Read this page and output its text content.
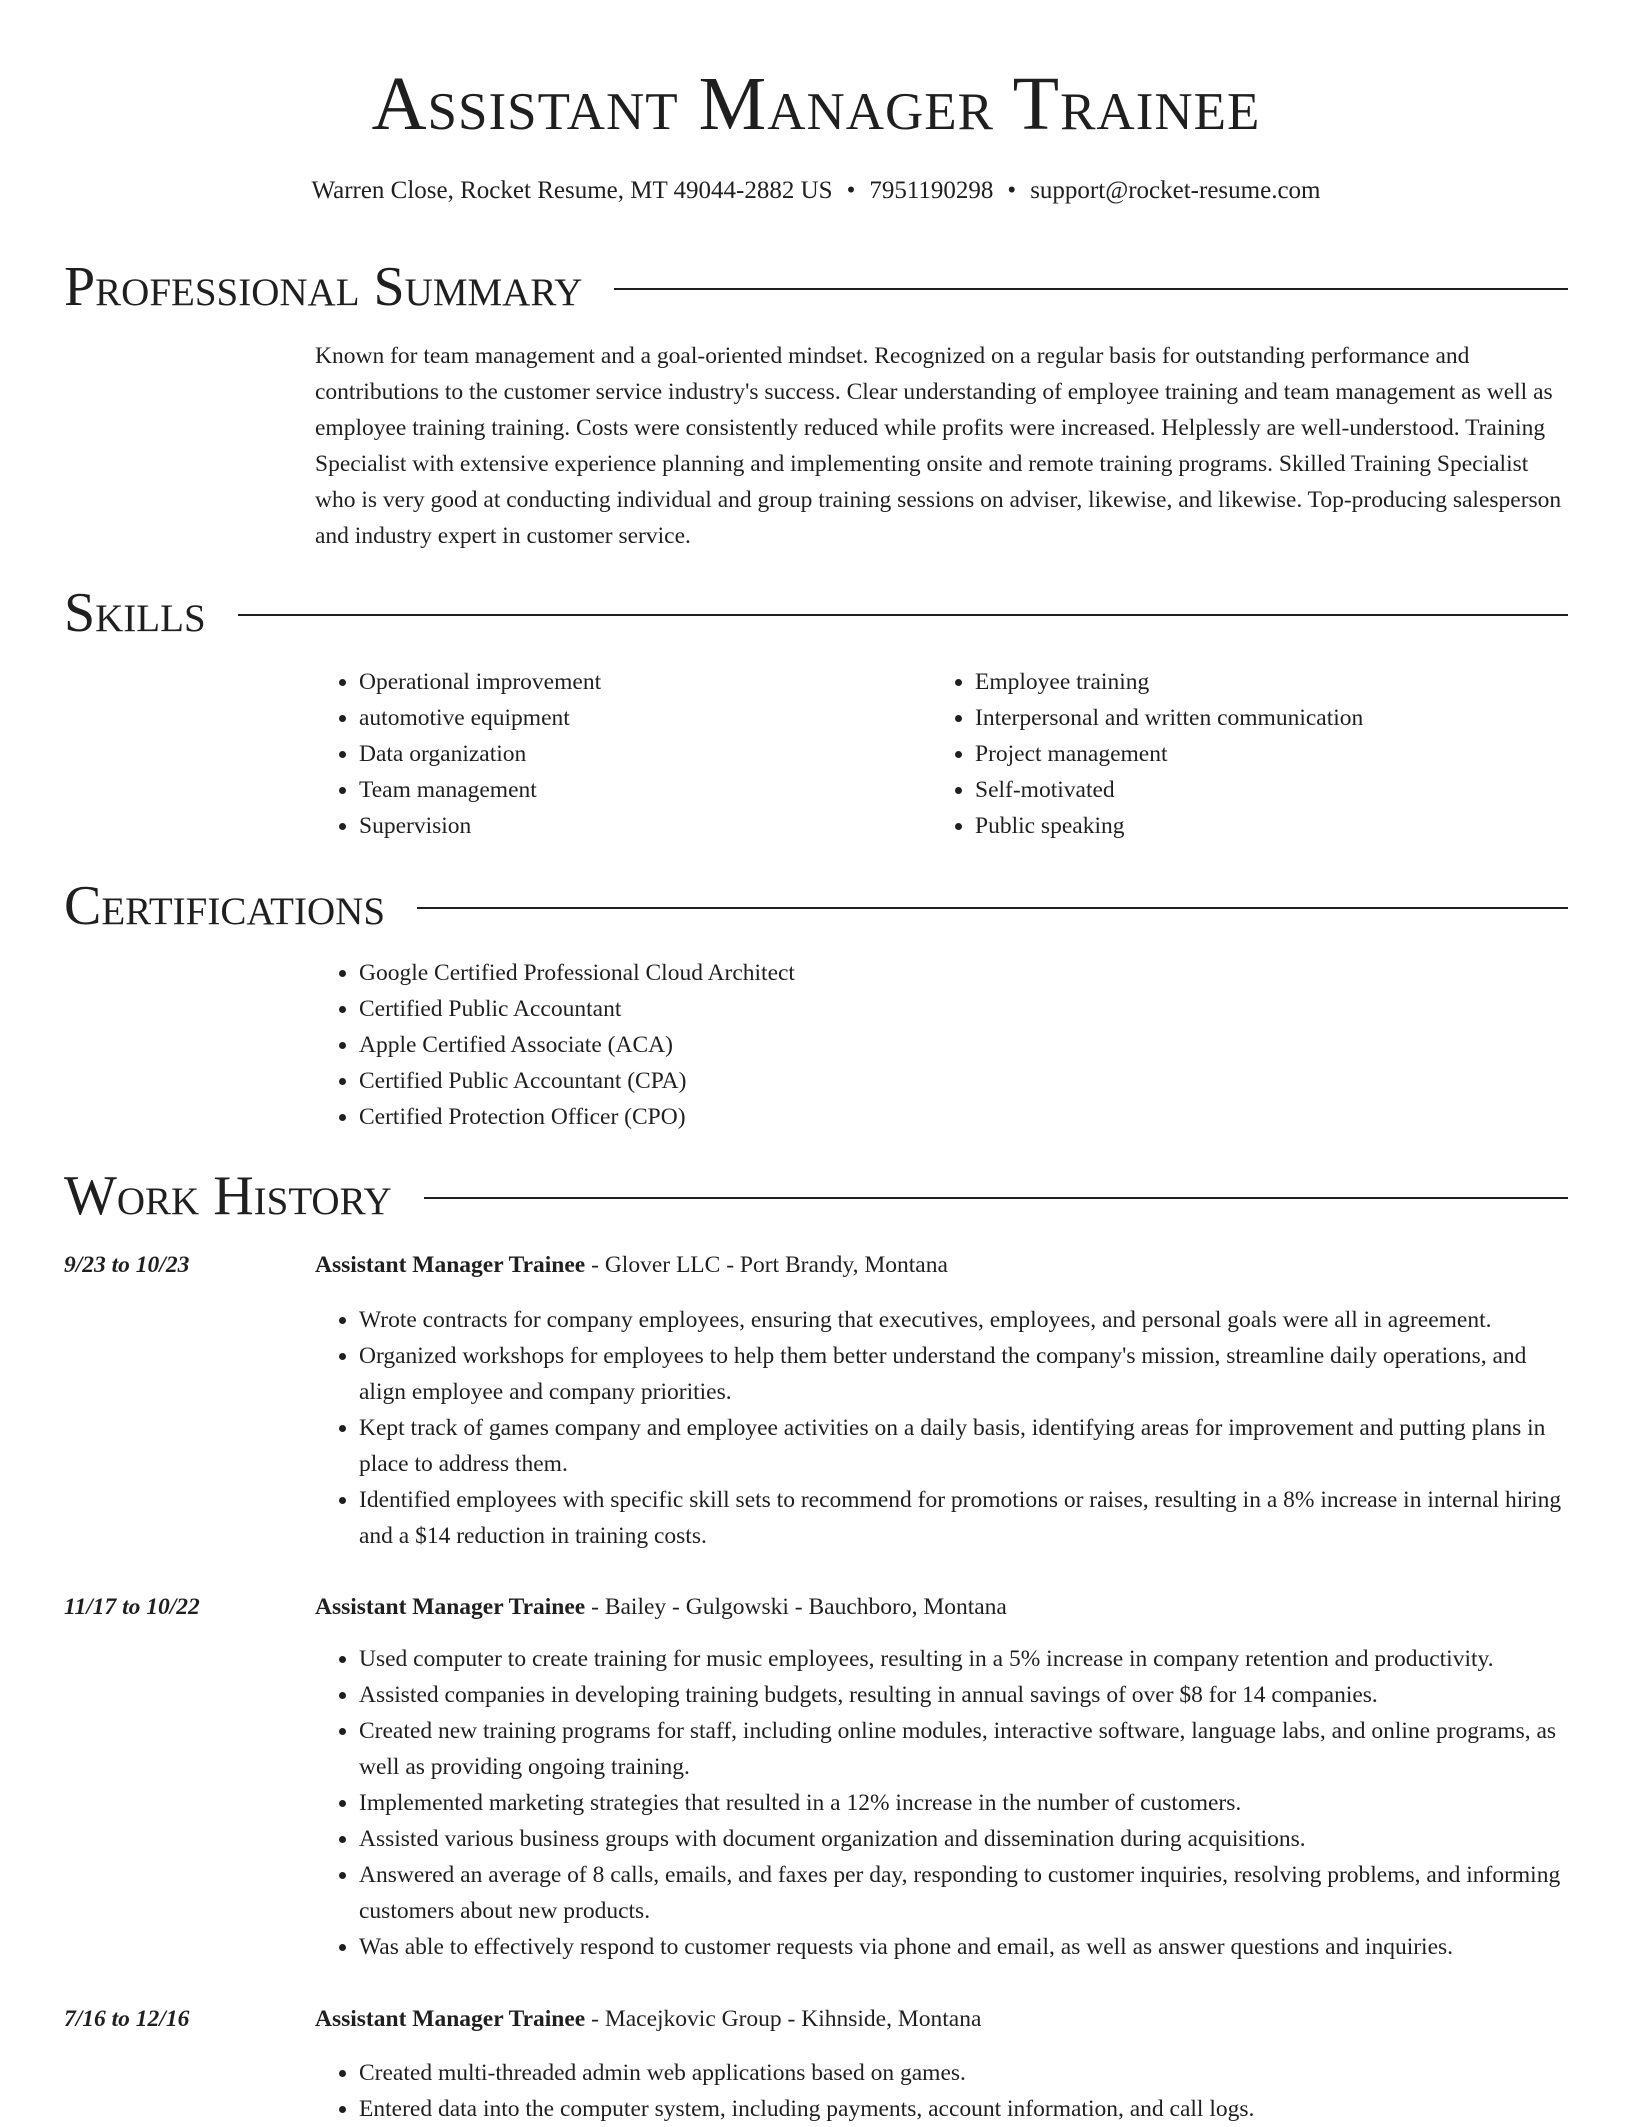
Assistant Manager Trainee
Warren Close, Rocket Resume, MT 49044-2882 US • 7951190298 • support@rocket-resume.com
Professional Summary

Known for team management and a goal-oriented mindset. Recognized on a regular basis for outstanding performance and contributions to the customer service industry's success. Clear understanding of employee training and team management as well as employee training training. Costs were consistently reduced while profits were increased. Helplessly are well-understood. Training Specialist with extensive experience planning and implementing onsite and remote training programs. Skilled Training Specialist who is very good at conducting individual and group training sessions on adviser, likewise, and likewise. Top-producing salesperson and industry expert in customer service.

Skills
• Operational improvement
• automotive equipment
• Data organization
• Team management
• Supervision
• Employee training
• Interpersonal and written communication
• Project management
• Self-motivated
• Public speaking
Certifications
• Google Certified Professional Cloud Architect
• Certified Public Accountant
• Apple Certified Associate (ACA)
• Certified Public Accountant (CPA)
• Certified Protection Officer (CPO)
Work History
9/23 to 10/23	Assistant Manager Trainee - Glover LLC - Port Brandy, Montana
• Wrote contracts for company employees, ensuring that executives, employees, and personal goals were all in agreement.
• Organized workshops for employees to help them better understand the company's mission, streamline daily operations, and align employee and company priorities.
• Kept track of games company and employee activities on a daily basis, identifying areas for improvement and putting plans in place to address them.
• Identified employees with specific skill sets to recommend for promotions or raises, resulting in a 8% increase in internal hiring and a $14 reduction in training costs.
11/17 to 10/22	Assistant Manager Trainee - Bailey - Gulgowski - Bauchboro, Montana
• Used computer to create training for music employees, resulting in a 5% increase in company retention and productivity.
• Assisted companies in developing training budgets, resulting in annual savings of over $8 for 14 companies.
• Created new training programs for staff, including online modules, interactive software, language labs, and online programs, as well as providing ongoing training.
• Implemented marketing strategies that resulted in a 12% increase in the number of customers.
• Assisted various business groups with document organization and dissemination during acquisitions.
• Answered an average of 8 calls, emails, and faxes per day, responding to customer inquiries, resolving problems, and informing customers about new products.
• Was able to effectively respond to customer requests via phone and email, as well as answer questions and inquiries.
7/16 to 12/16	Assistant Manager Trainee - Macejkovic Group - Kihnside, Montana
• Created multi-threaded admin web applications based on games.
• Entered data into the computer system, including payments, account information, and call logs.
